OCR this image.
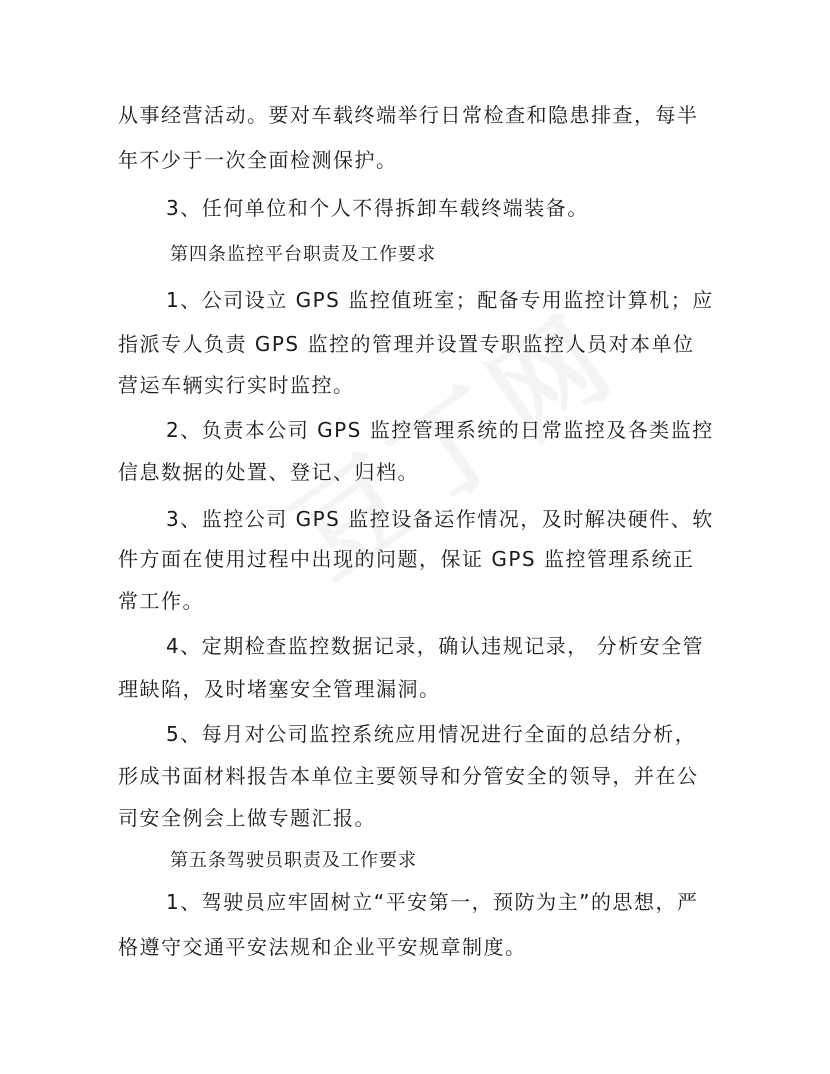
从事经营活动。要对车载终端举行日常检查和隐患排查，每半
年不少于一次全面检测保护。
3、任何单位和个人不得拆卸车载终端装备。
第四条监控平台职责及工作要求
1、公司设立 GPS 监控值班室；配备专用监控计算机；应
指派专人负责 GPS 监控的管理并设置专职监控人员对本单位
营运车辆实行实时监控。
2、负责本公司 GPS 监控管理系统的日常监控及各类监控
信息数据的处置、登记、归档。
3、监控公司 GPS 监控设备运作情况，及时解决硬件、软
件方面在使用过程中出现的问题，保证 GPS 监控管理系统正
常工作。
4、定期检查监控数据记录，确认违规记录， 分析安全管
理缺陷，及时堵塞安全管理漏洞。
5、每月对公司监控系统应用情况进行全面的总结分析，
形成书面材料报告本单位主要领导和分管安全的领导，并在公
司安全例会上做专题汇报。
第五条驾驶员职责及工作要求
1、驾驶员应牢固树立“平安第一，预防为主”的思想，严
格遵守交通平安法规和企业平安规章制度。
